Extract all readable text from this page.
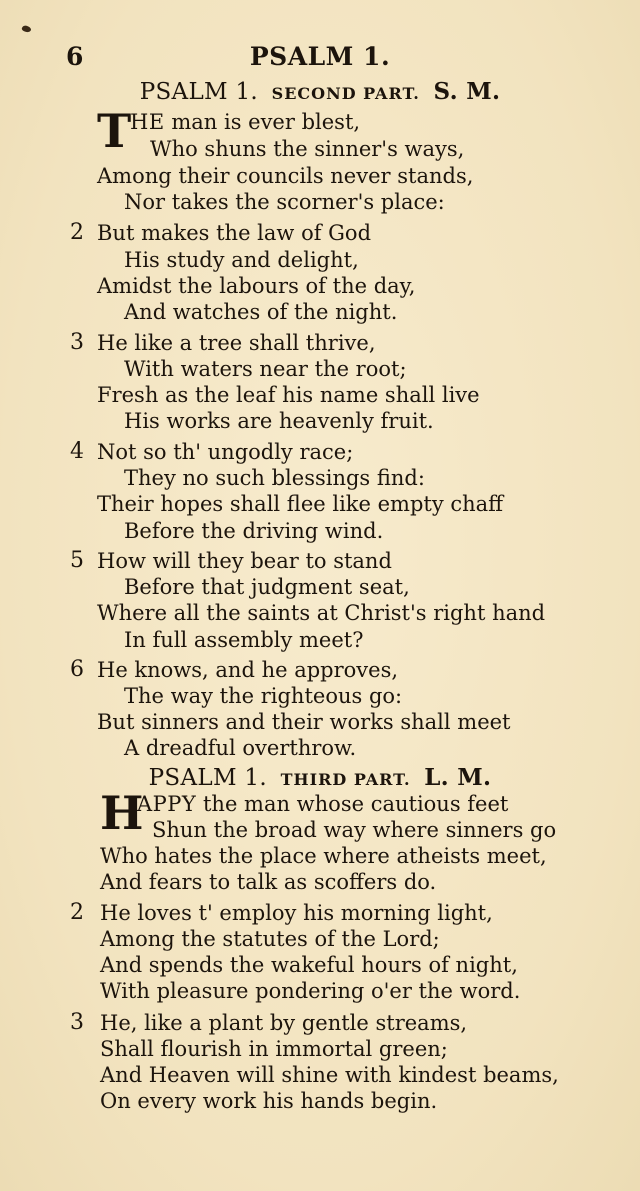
6	PSALM 1.
PSALM 1. SECOND PART. S. M.
T
HE man is ever blest,
Who shuns the sinner's ways,
Among their councils never stands,
Nor takes the scorner's place:
2 But makes the law of God
His study and delight,
Amidst the labours of the day,
And watches of the night.
3 He like a tree shall thrive,
With waters near the root;
Fresh as the leaf his name shall live
His works are heavenly fruit.
4 Not so th' ungodly race;
They no such blessings find:
Their hopes shall flee like empty chaff
Before the driving wind.
5 How will they bear to stand
Before that judgment seat,
Where all the saints at Christ's right hand
In full assembly meet?
6 He knows, and he approves,
The way the righteous go:
But sinners and their works shall meet
A dreadful overthrow.
PSALM 1. THIRD PART. L. M.
H
APPY the man whose cautious feet
Shun the broad way where sinners go
Who hates the place where atheists meet,
And fears to talk as scoffers do.
2 He loves t' employ his morning light,
Among the statutes of the Lord;
And spends the wakeful hours of night,
With pleasure pondering o'er the word.
3 He, like a plant by gentle streams,
Shall flourish in immortal green;
And Heaven will shine with kindest beams,
On every work his hands begin.
